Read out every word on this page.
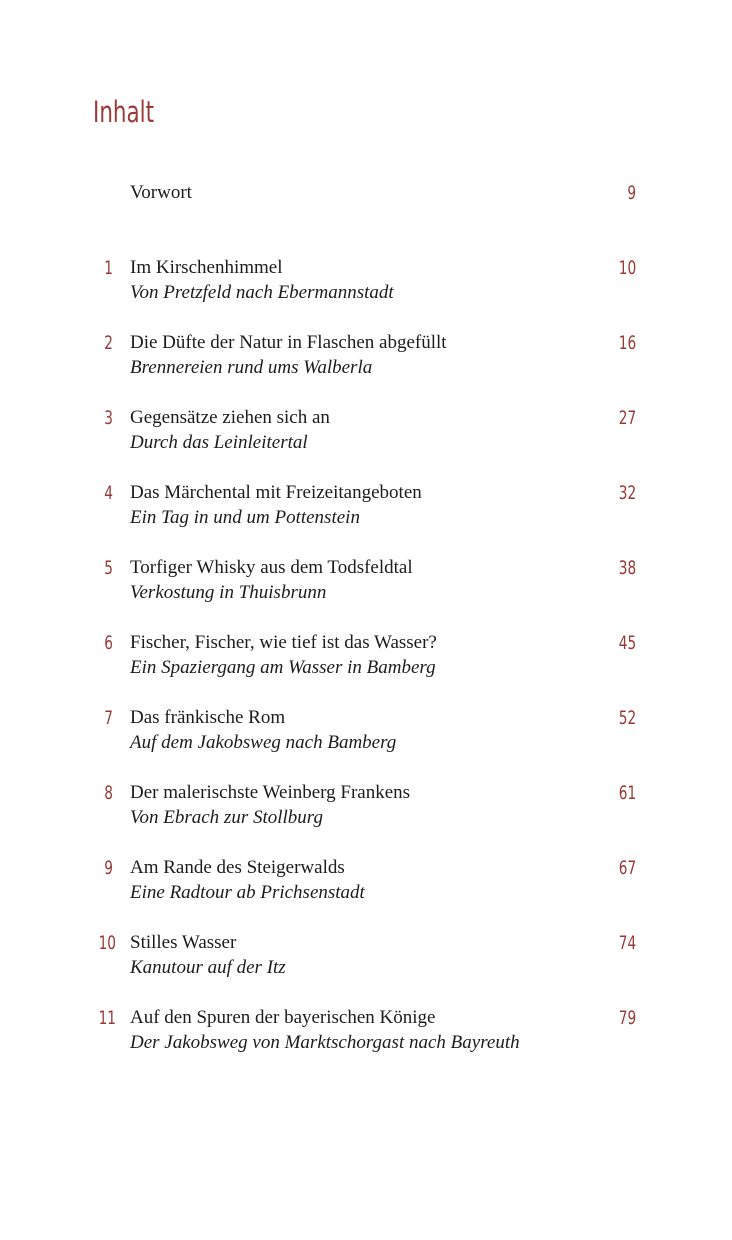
Inhalt
Vorwort	9
1 Im Kirschenhimmel
Von Pretzfeld nach Ebermannstadt
10
2 Die Düfte der Natur in Flaschen abgefüllt
Brennereien rund ums Walberla
16
3 Gegensätze ziehen sich an
Durch das Leinleitertal
27
4 Das Märchental mit Freizeitangeboten
Ein Tag in und um Pottenstein
32
5 Torfiger Whisky aus dem Todsfeldtal
Verkostung in Thuisbrunn
38
6 Fischer, Fischer, wie tief ist das Wasser?
Ein Spaziergang am Wasser in Bamberg
45
7 Das fränkische Rom
Auf dem Jakobsweg nach Bamberg
52
8 Der malerischste Weinberg Frankens
Von Ebrach zur Stollburg
61
9 Am Rande des Steigerwalds
Eine Radtour ab Prichsenstadt
67
10 Stilles Wasser
Kanutour auf der Itz
74
11 Auf den Spuren der bayerischen Könige
Der Jakobsweg von Marktschorgast nach Bayreuth
79
